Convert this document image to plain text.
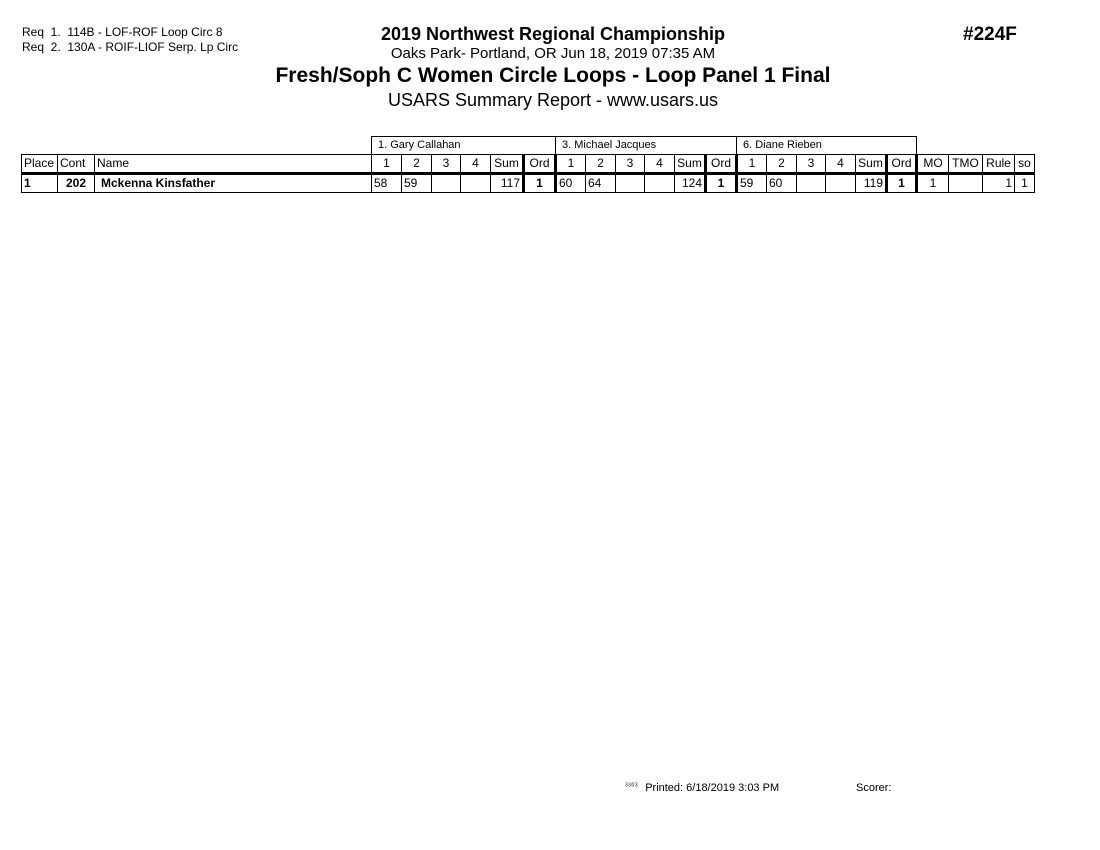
Req  1.  114B - LOF-ROF Loop Circ 8
Req  2.  130A - ROIF-LIOF Serp. Lp Circ
2019 Northwest Regional Championship
Oaks Park- Portland, OR Jun 18, 2019 07:35 AM
Fresh/Soph C Women Circle Loops - Loop Panel 1 Final
USARS Summary Report - www.usars.us
#224F
			1. Gary Callahan						3. Michael Jacques						6. Diane Rieben									
Place	Cont	Name	1	2	3	4	Sum	Ord	1	2	3	4	Sum	Ord	1	2	3	4	Sum	Ord	MO	TMO	Rule	so
1	202	Mckenna Kinsfather	58	59			117	1	60	64			124	1	59	60			119	1	1		1	1
$^{3303}$ Printed: 6/18/2019 3:03 PM	Scorer:
